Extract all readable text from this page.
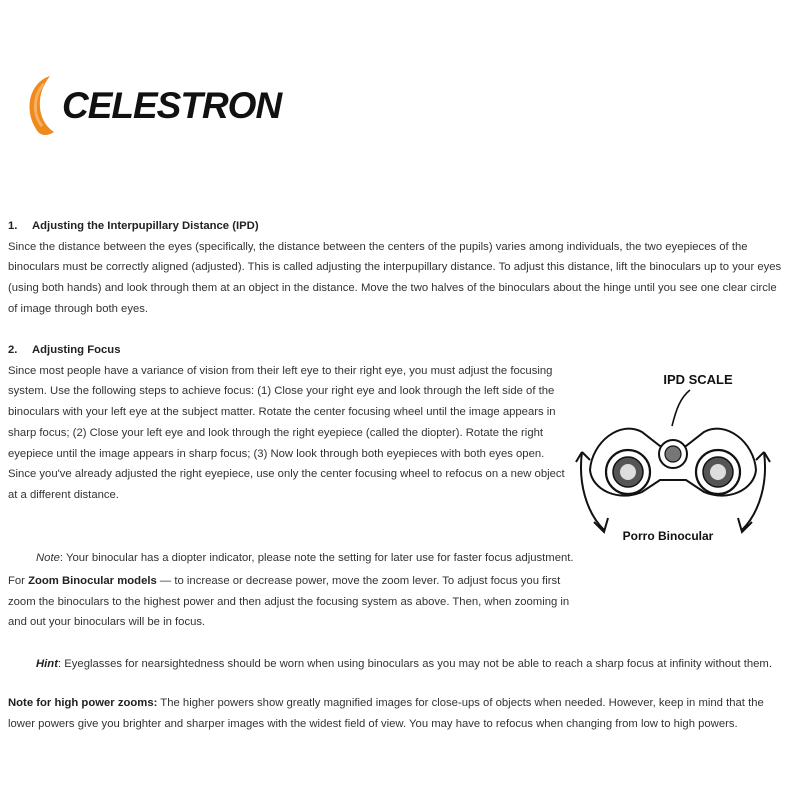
CELESTRON
1. Adjusting the Interpupillary Distance (IPD)
Since the distance between the eyes (specifically, the distance between the centers of the pupils) varies among individuals, the two eyepieces of the binoculars must be correctly aligned (adjusted). This is called adjusting the interpupillary distance. To adjust this distance, lift the binoculars up to your eyes (using both hands) and look through them at an object in the distance. Move the two halves of the binoculars about the hinge until you see one clear circle of image through both eyes.
2. Adjusting Focus
Since most people have a variance of vision from their left eye to their right eye, you must adjust the focusing system. Use the following steps to achieve focus: (1) Close your right eye and look through the left side of the binoculars with your left eye at the subject matter. Rotate the center focusing wheel until the image appears in sharp focus; (2) Close your left eye and look through the right eyepiece (called the diopter). Rotate the right eyepiece until the image appears in sharp focus; (3) Now look through both eyepieces with both eyes open. Since you've already adjusted the right eyepiece, use only the center focusing wheel to refocus on a new object at a different distance.
IPD SCALE
Porro Binocular
Note: Your binocular has a diopter indicator, please note the setting for later use for faster focus adjustment.
For Zoom Binocular models — to increase or decrease power, move the zoom lever. To adjust focus you first zoom the binoculars to the highest power and then adjust the focusing system as above. Then, when zooming in and out your binoculars will be in focus.
Hint: Eyeglasses for nearsightedness should be worn when using binoculars as you may not be able to reach a sharp focus at infinity without them.
Note for high power zooms: The higher powers show greatly magnified images for close-ups of objects when needed. However, keep in mind that the lower powers give you brighter and sharper images with the widest field of view. You may have to refocus when changing from low to high powers.
